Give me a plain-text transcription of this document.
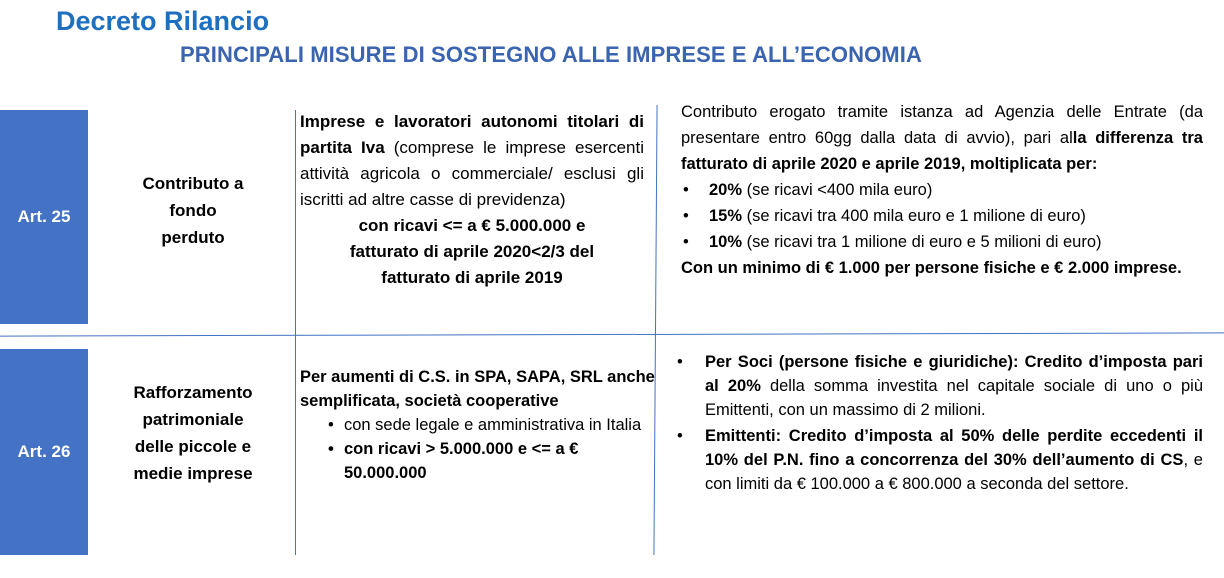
Decreto Rilancio
PRINCIPALI MISURE DI SOSTEGNO ALLE IMPRESE E ALL’ECONOMIA
Art. 25
Contributo a
fondo
perduto
Imprese e lavoratori autonomi titolari di partita Iva (comprese le imprese esercenti attività agricola o commerciale/ esclusi gli iscritti ad altre casse di previdenza)
con ricavi <= a € 5.000.000 e
fatturato di aprile 2020<2/3 del
fatturato di aprile 2019
Contributo erogato tramite istanza ad Agenzia delle Entrate (da presentare entro 60gg dalla data di avvio), pari alla differenza tra fatturato di aprile 2020 e aprile 2019, moltiplicata per:
• 20% (se ricavi <400 mila euro)
• 15% (se ricavi tra 400 mila euro e 1 milione di euro)
• 10% (se ricavi tra 1 milione di euro e 5 milioni di euro)
Con un minimo di € 1.000 per persone fisiche e € 2.000 imprese.
Art. 26
Rafforzamento
patrimoniale
delle piccole e
medie imprese
Per aumenti di C.S. in SPA, SAPA, SRL anche semplificata, società cooperative
• con sede legale e amministrativa in Italia
• con ricavi > 5.000.000 e <= a € 50.000.000
• Per Soci (persone fisiche e giuridiche): Credito d’imposta pari al 20% della somma investita nel capitale sociale di uno o più Emittenti, con un massimo di 2 milioni.
• Emittenti: Credito d’imposta al 50% delle perdite eccedenti il 10% del P.N. fino a concorrenza del 30% dell’aumento di CS, e con limiti da € 100.000 a € 800.000 a seconda del settore.
